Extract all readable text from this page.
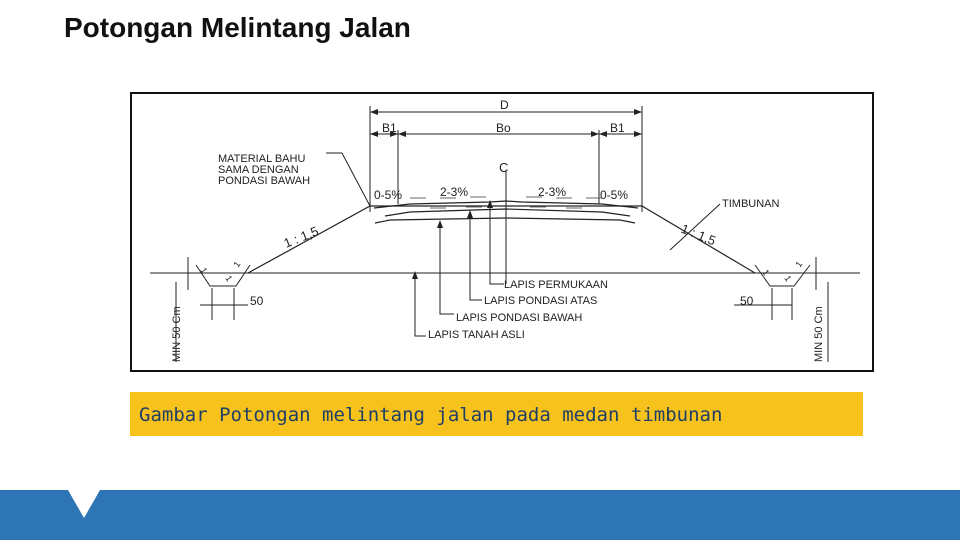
Potongan Melintang Jalan
D
B1	Bo	B1
C
MATERIAL BAHU
SAMA DENGAN
PONDASI BAWAH
0-5%	2-3%	2-3%	0-5%
TIMBUNAN
1 : 1,5	1 : 1,5
1
1
1
50
MIN 50 Cm
1
1
1
50
MIN 50 Cm
LAPIS PERMUKAAN
LAPIS PONDASI ATAS
LAPIS PONDASI BAWAH
LAPIS TANAH ASLI
Gambar Potongan melintang jalan pada medan timbunan
